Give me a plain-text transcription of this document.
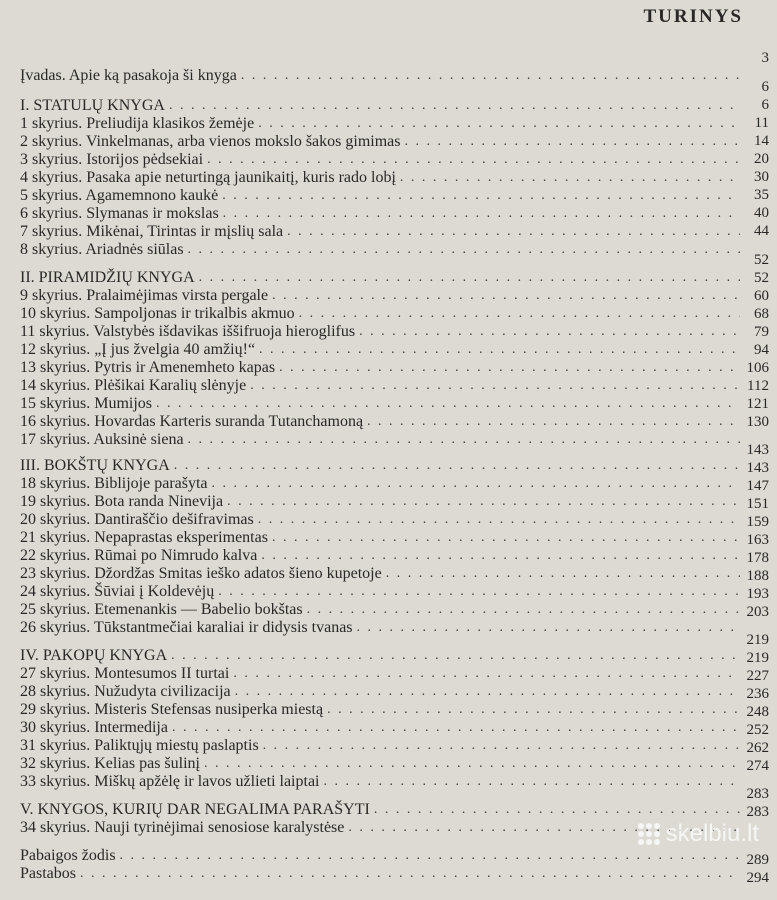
TURINYS
Įvadas. Apie ką pasakoja ši knyga
. . .
I. STATULŲ KNYGA
. . .
1 skyrius. Preliudija klasikos žemėje
. . .
2 skyrius. Vinkelmanas, arba vienos mokslo šakos gimimas
. . .
3 skyrius. Istorijos pėdsekiai
. . .
4 skyrius. Pasaka apie neturtingą jaunikaitį, kuris rado lobį
. . .
5 skyrius. Agamemnono kaukė
. . .
6 skyrius. Slymanas ir mokslas
. . .
7 skyrius. Mikėnai, Tirintas ir mįslių sala
. . .
8 skyrius. Ariadnės siūlas
. . .
II. PIRAMIDŽIŲ KNYGA
. . .
9 skyrius. Pralaimėjimas virsta pergale
. . .
10 skyrius. Sampoljonas ir trikalbis akmuo
. . .
11 skyrius. Valstybės išdavikas iššifruoja hieroglifus
. . .
12 skyrius. „Į jus žvelgia 40 amžių!“
. . .
13 skyrius. Pytris ir Amenemheto kapas
. . .
14 skyrius. Plėšikai Karalių slėnyje
. . .
15 skyrius. Mumijos
. . .
16 skyrius. Hovardas Karteris suranda Tutanchamoną
. . .
17 skyrius. Auksinė siena
. . .
III. BOKŠTŲ KNYGA
. . .
18 skyrius. Biblijoje parašyta
. . .
19 skyrius. Bota randa Ninevija
. . .
20 skyrius. Dantiraščio dešifravimas
. . .
21 skyrius. Nepaprastas eksperimentas
. . .
22 skyrius. Rūmai po Nimrudo kalva
. . .
23 skyrius. Džordžas Smitas ieško adatos šieno kupetoje
. . .
24 skyrius. Šūviai į Koldevėjų
. . .
25 skyrius. Etemenankis — Babelio bokštas
. . .
26 skyrius. Tūkstantmečiai karaliai ir didysis tvanas
. . .
IV. PAKOPŲ KNYGA
. . .
27 skyrius. Montesumos II turtai
. . .
28 skyrius. Nužudyta civilizacija
. . .
29 skyrius. Misteris Stefensas nusiperka miestą
. . .
30 skyrius. Intermedija
. . .
31 skyrius. Paliktųjų miestų paslaptis
. . .
32 skyrius. Kelias pas šulinį
. . .
33 skyrius. Miškų apžėlę ir lavos užlieti laiptai
. . .
V. KNYGOS, KURIŲ DAR NEGALIMA PARAŠYTI
. . .
34 skyrius. Nauji tyrinėjimai senosiose karalystėse
. . .
Pabaigos žodis
. . .
Pastabos
. . .
3
6
6
11
14
20
30
35
40
44
52
52
60
68
79
94
106
112
121
130
143
143
147
151
159
163
178
188
193
203
219
219
227
236
248
252
262
274
283
283
289
294
skelbiu.lt
